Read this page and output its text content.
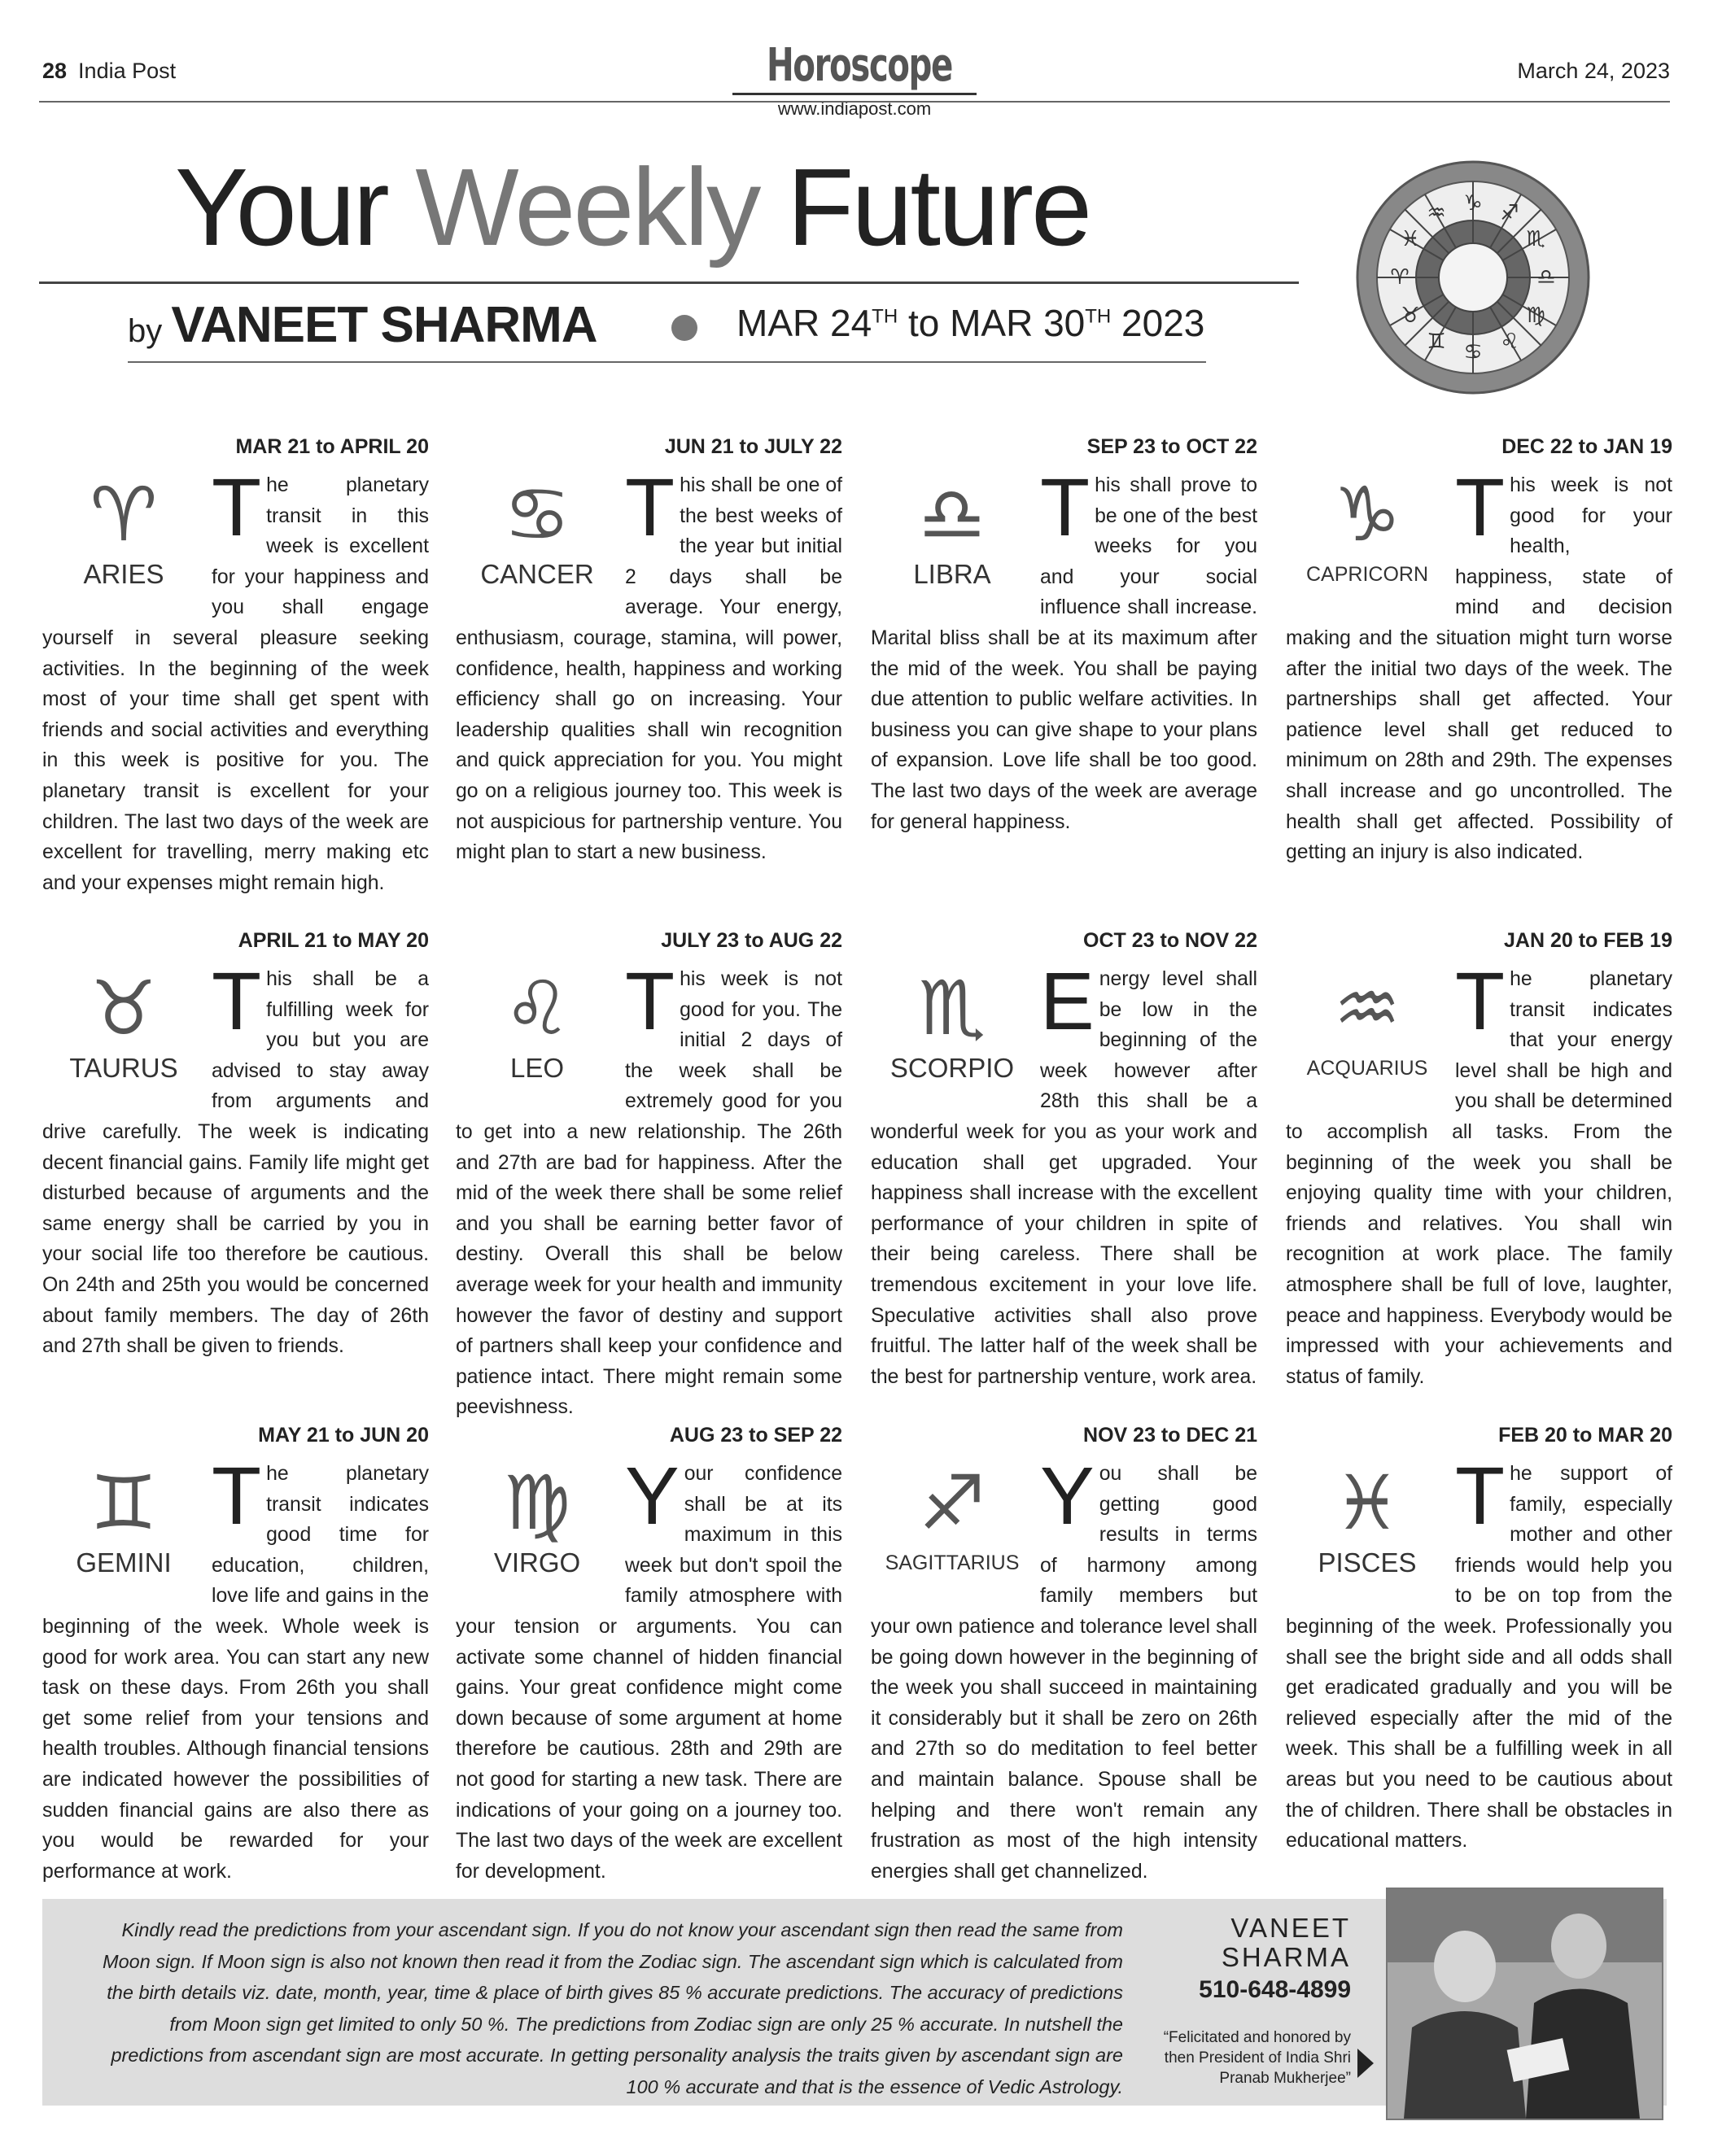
28 India Post	Horoscope
www.indiapost.com
March 24, 2023
Your Weekly Future
by VANEET SHARMA	MAR 24TH to MAR 30TH 2023
♑ ♐
♏
♎
♍
♌
♋
♊
♉
♈
♓
♒
MAR 21 to APRIL 20
♈
ARIES

The planetary transit in this week is excellent for your happiness and you shall engage yourself in several pleasure seeking activities. In the beginning of the week most of your time shall get spent with friends and social activities and everything in this week is positive for you. The planetary transit is excellent for your children. The last two days of the week are excellent for travelling, merry making etc and your expenses might remain high.

JUN 21 to JULY 22
♋
CANCER

This shall be one of the best weeks of the year but initial 2 days shall be average. Your energy, enthusiasm, courage, stamina, will power, confidence, health, happiness and working efficiency shall go on increasing. Your leadership qualities shall win recognition and quick appreciation for you. You might go on a religious journey too. This week is not auspicious for partnership venture. You might plan to start a new business.

SEP 23 to OCT 22
♎
LIBRA

This shall prove to be one of the best weeks for you and your social influence shall increase. Marital bliss shall be at its maximum after the mid of the week. You shall be paying due attention to public welfare activities. In business you can give shape to your plans of expansion. Love life shall be too good. The last two days of the week are average for general happiness.

DEC 22 to JAN 19
♑
CAPRICORN

This week is not good for your health, happiness, state of mind and decision making and the situation might turn worse after the initial two days of the week. The partnerships shall get affected. Your patience level shall get reduced to minimum on 28th and 29th. The expenses shall increase and go uncontrolled. The health shall get affected. Possibility of getting an injury is also indicated.

APRIL 21 to MAY 20
♉
TAURUS

This shall be a fulfilling week for you but you are advised to stay away from arguments and drive carefully. The week is indicating decent financial gains. Family life might get disturbed because of arguments and the same energy shall be carried by you in your social life too therefore be cautious. On 24th and 25th you would be concerned about family members. The day of 26th and 27th shall be given to friends.

JULY 23 to AUG 22
♌
LEO

This week is not good for you. The initial 2 days of the week shall be extremely good for you to get into a new relationship. The 26th and 27th are bad for happiness. After the mid of the week there shall be some relief and you shall be earning better favor of destiny. Overall this shall be below average week for your health and immunity however the favor of destiny and support of partners shall keep your confidence and patience intact. There might remain some peevishness.

OCT 23 to NOV 22
♏
SCORPIO

Energy level shall be low in the beginning of the week however after 28th this shall be a wonderful week for you as your work and education shall get upgraded. Your happiness shall increase with the excellent performance of your children in spite of their being careless. There shall be tremendous excitement in your love life. Speculative activities shall also prove fruitful. The latter half of the week shall be the best for partnership venture, work area.

JAN 20 to FEB 19
♒
ACQUARIUS

The planetary transit indicates that your energy level shall be high and you shall be determined to accomplish all tasks. From the beginning of the week you shall be enjoying quality time with your children, friends and relatives. You shall win recognition at work place. The family atmosphere shall be full of love, laughter, peace and happiness. Everybody would be impressed with your achievements and status of family.

MAY 21 to JUN 20
♊
GEMINI

The planetary transit indicates good time for education, children, love life and gains in the beginning of the week. Whole week is good for work area. You can start any new task on these days. From 26th you shall get some relief from your tensions and health troubles. Although financial tensions are indicated however the possibilities of sudden financial gains are also there as you would be rewarded for your performance at work.

AUG 23 to SEP 22
♍
VIRGO

Your confidence shall be at its maximum in this week but don't spoil the family atmosphere with your tension or arguments. You can activate some channel of hidden financial gains. Your great confidence might come down because of some argument at home therefore be cautious. 28th and 29th are not good for starting a new task. There are indications of your going on a journey too. The last two days of the week are excellent for development.

NOV 23 to DEC 21
♐
SAGITTARIUS

You shall be getting good results in terms of harmony among family members but your own patience and tolerance level shall be going down however in the beginning of the week you shall succeed in maintaining it considerably but it shall be zero on 26th and 27th so do meditation to feel better and maintain balance. Spouse shall be helping and there won't remain any frustration as most of the high intensity energies shall get channelized.

FEB 20 to MAR 20
♓
PISCES

The support of family, especially mother and other friends would help you to be on top from the beginning of the week. Professionally you shall see the bright side and all odds shall get eradicated gradually and you will be relieved especially after the mid of the week. This shall be a fulfilling week in all areas but you need to be cautious about the of children. There shall be obstacles in educational matters.

Kindly read the predictions from your ascendant sign. If you do not know your ascendant sign then read the same from Moon sign. If Moon sign is also not known then read it from the Zodiac sign. The ascendant sign which is calculated from the birth details viz. date, month, year, time & place of birth gives 85 % accurate predictions. The accuracy of predictions from Moon sign get limited to only 50 %. The predictions from Zodiac sign are only 25 % accurate. In nutshell the predictions from ascendant sign are most accurate. In getting personality analysis the traits given by ascendant sign are 100 % accurate and that is the essence of Vedic Astrology.
VANEET
SHARMA
510-648-4899
“Felicitated and honored by then President of India Shri Pranab Mukherjee”
